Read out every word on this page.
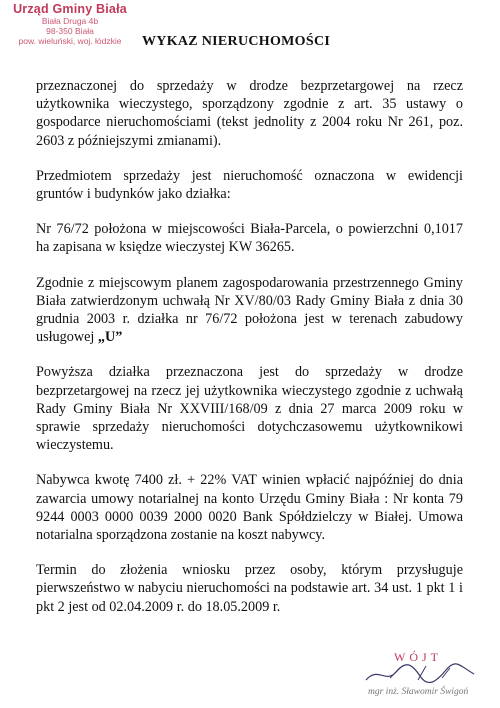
Urząd Gminy Biała
Biała Druga 4b
98-350 Biała
pow. wieluński, woj. łódzkie	WYKAZ NIERUCHOMOŚCI

przeznaczonej do sprzedaży w drodze bezprzetargowej na rzecz użytkownika wieczystego, sporządzony zgodnie z art. 35 ustawy o gospodarce nieruchomościami (tekst jednolity z 2004 roku Nr 261, poz. 2603 z późniejszymi zmianami).

Przedmiotem sprzedaży jest nieruchomość oznaczona w ewidencji gruntów i budynków jako działka:

Nr 76/72 położona w miejscowości Biała-Parcela, o powierzchni 0,1017 ha zapisana w księdze wieczystej KW 36265.

Zgodnie z miejscowym planem zagospodarowania przestrzennego Gminy Biała zatwierdzonym uchwałą Nr XV/80/03 Rady Gminy Biała z dnia 30 grudnia 2003 r. działka nr 76/72 położona jest w terenach zabudowy usługowej „U”

Powyższa działka przeznaczona jest do sprzedaży w drodze bezprzetargowej na rzecz jej użytkownika wieczystego zgodnie z uchwałą Rady Gminy Biała Nr XXVIII/168/09 z dnia 27 marca 2009 roku w sprawie sprzedaży nieruchomości dotychczasowemu użytkownikowi wieczystemu.

Nabywca kwotę 7400 zł. + 22% VAT winien wpłacić najpóźniej do dnia zawarcia umowy notarialnej na konto Urzędu Gminy Biała : Nr konta 79 9244 0003 0000 0039 2000 0020 Bank Spółdzielczy w Białej. Umowa notarialna sporządzona zostanie na koszt nabywcy.

Termin do złożenia wniosku przez osoby, którym przysługuje pierwszeństwo w nabyciu nieruchomości na podstawie art. 34 ust. 1 pkt 1 i pkt 2 jest od 02.04.2009 r. do 18.05.2009 r.

WÓJT
mgr inż. Sławomir Świgoń
